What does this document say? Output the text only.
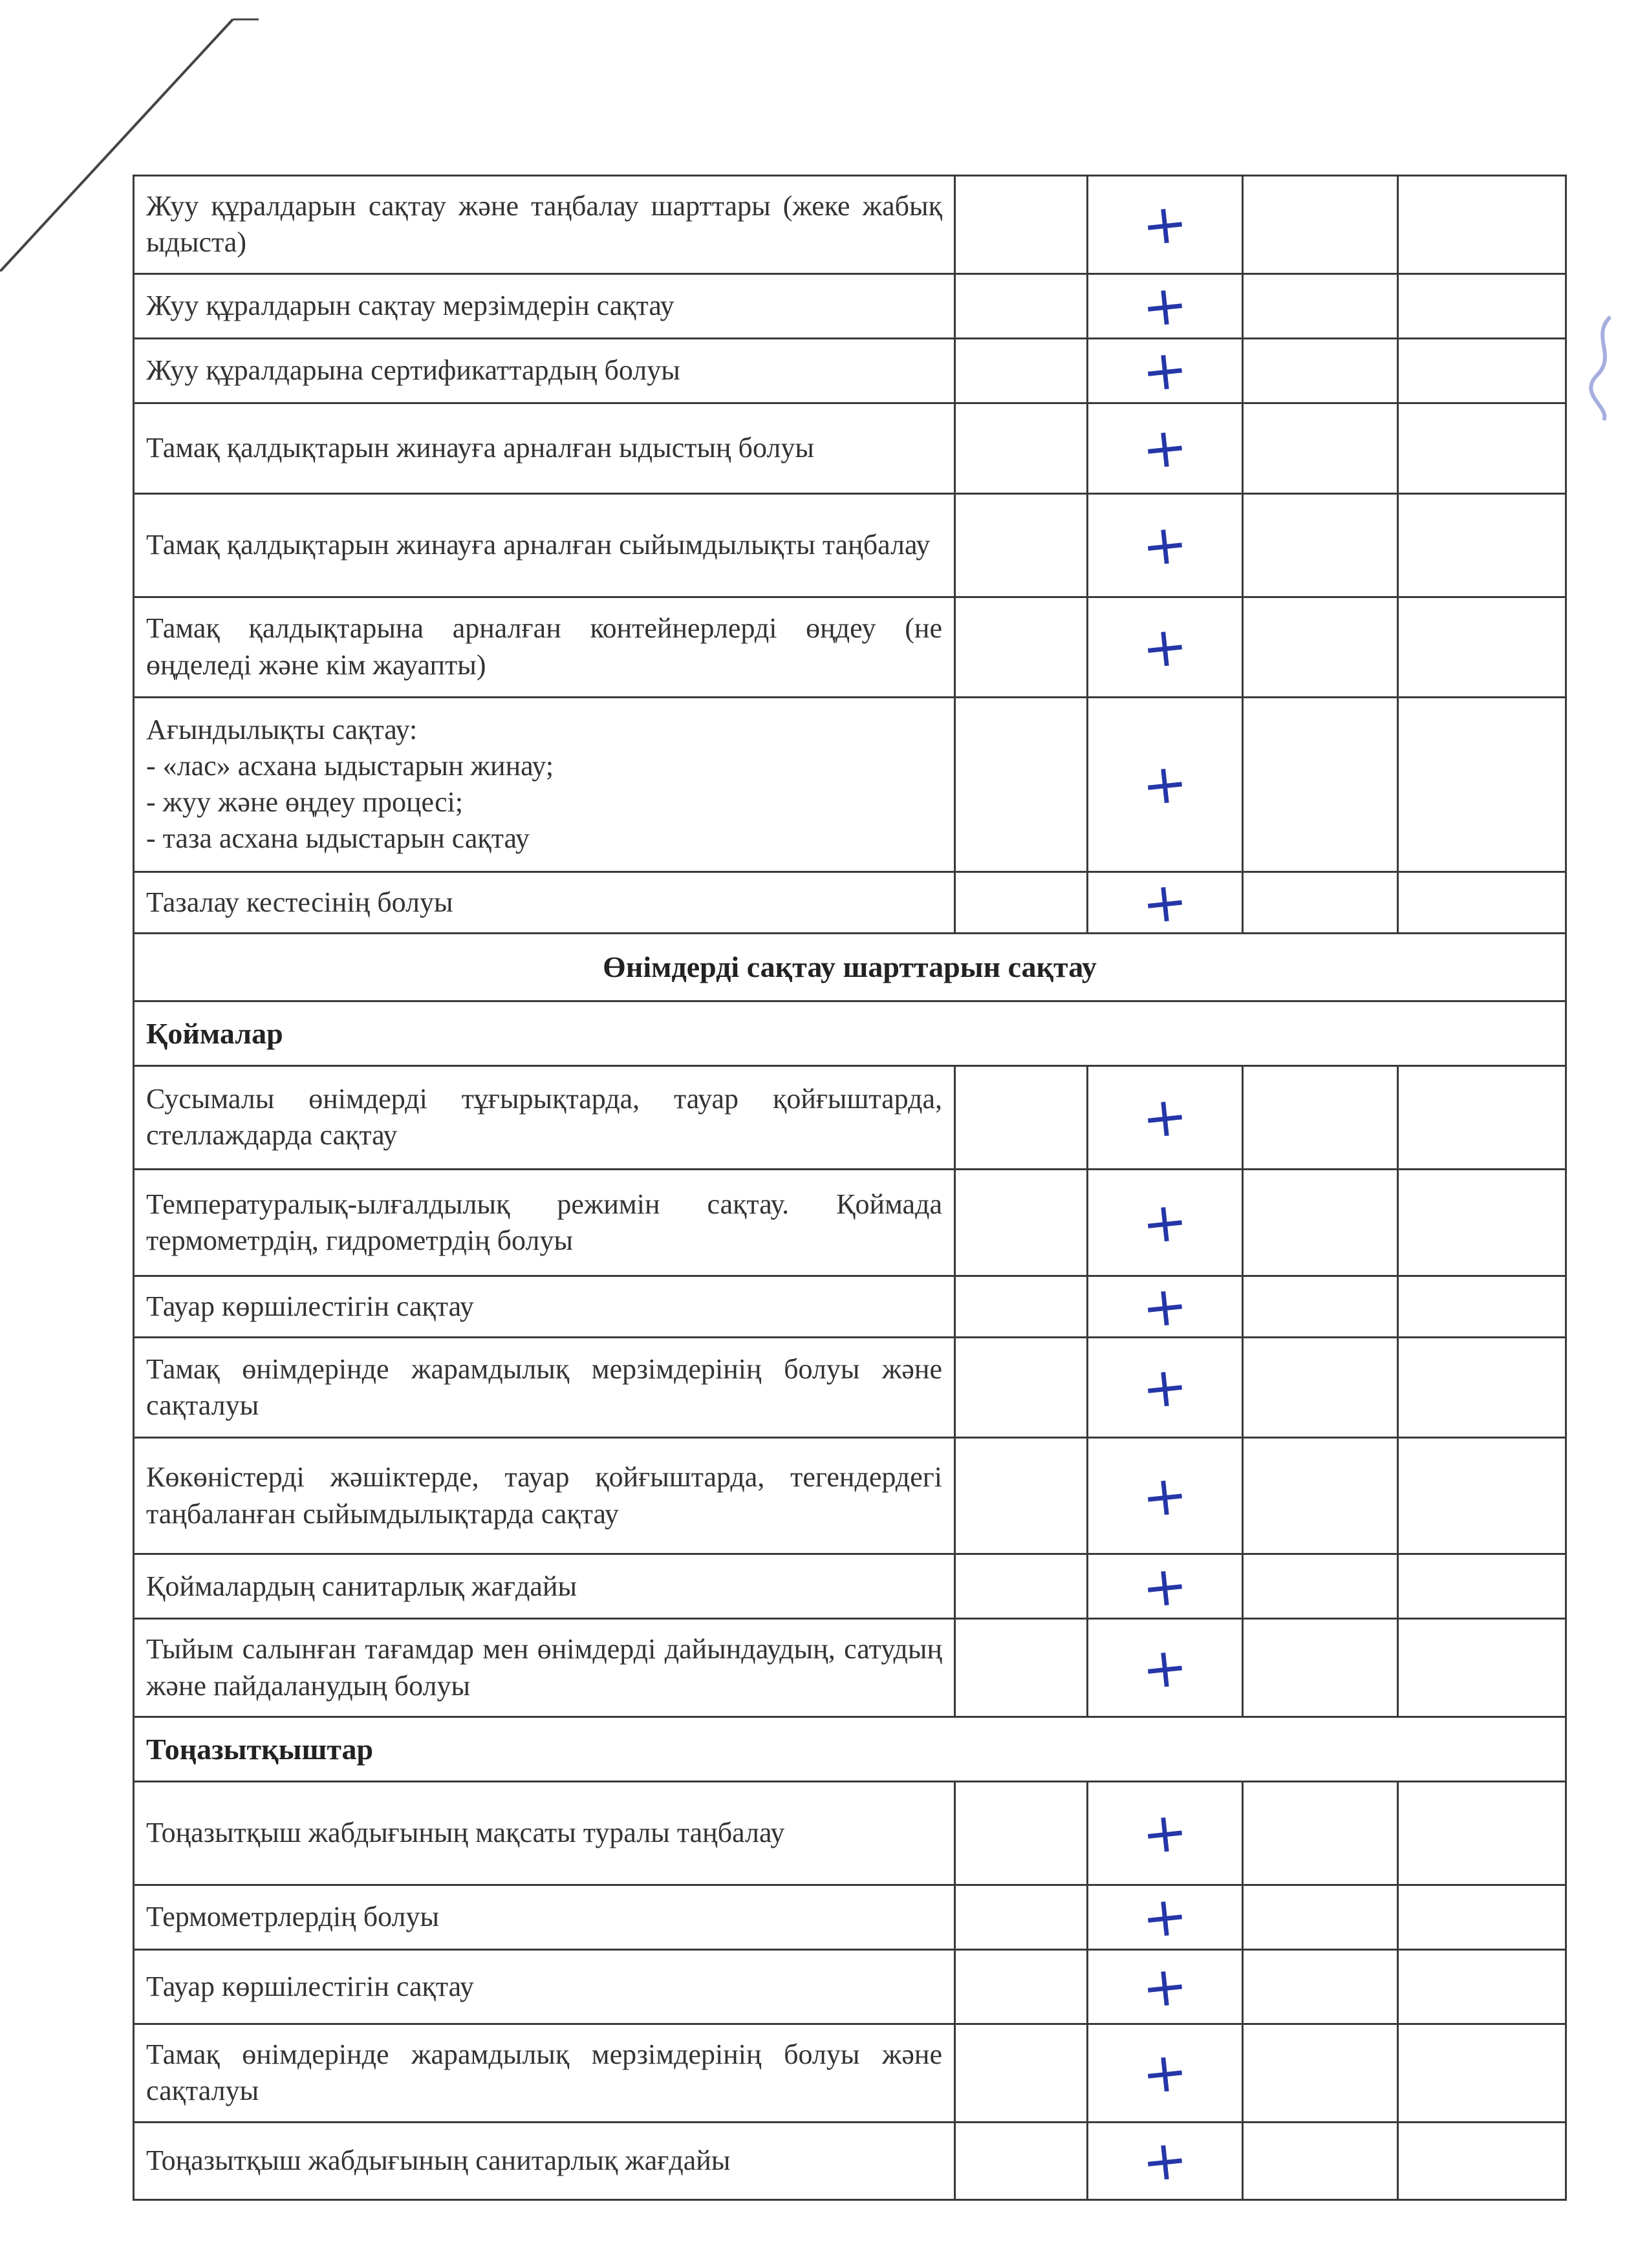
Жуу құралдарын сақтау және таңбалау шарттары (жеке жабық ыдыста)		+		
Жуу құралдарын сақтау мерзімдерін сақтау		+		
Жуу құралдарына сертификаттардың болуы		+		
Тамақ қалдықтарын жинауға арналған ыдыстың болуы		+		
Тамақ қалдықтарын жинауға арналған сыйымдылықты таңбалау		+		
Тамақ қалдықтарына арналған контейнерлерді өңдеу (не өңделеді және кім жауапты)		+		

Ағындылықты сақтау:
- «лас» асхана ыдыстарын жинау;
- жуу және өңдеу процесі;
- таза асхана ыдыстарын сақтау		+		
Тазалау кестесінің болуы		+		
Өнімдерді сақтау шарттарын сақтау				
Қоймалар				
Сусымалы өнімдерді тұғырықтарда, тауар қойғыштарда, стеллаждарда сақтау		+		
Температуралық-ылғалдылық режимін сақтау. Қоймада термометрдің, гидрометрдің болуы		+		
Тауар көршілестігін сақтау		+		
Тамақ өнімдерінде жарамдылық мерзімдерінің болуы және сақталуы		+		
Көкөністерді жәшіктерде, тауар қойғыштарда, тегендердегі таңбаланған сыйымдылықтарда сақтау		+		
Қоймалардың санитарлық жағдайы		+		
Тыйым салынған тағамдар мен өнімдерді дайындаудың, сатудың және пайдаланудың болуы		+		
Тоңазытқыштар				
Тоңазытқыш жабдығының мақсаты туралы таңбалау		+		
Термометрлердің болуы		+		
Тауар көршілестігін сақтау		+		
Тамақ өнімдерінде жарамдылық мерзімдерінің болуы және сақталуы		+		
Тоңазытқыш жабдығының санитарлық жағдайы		+		
